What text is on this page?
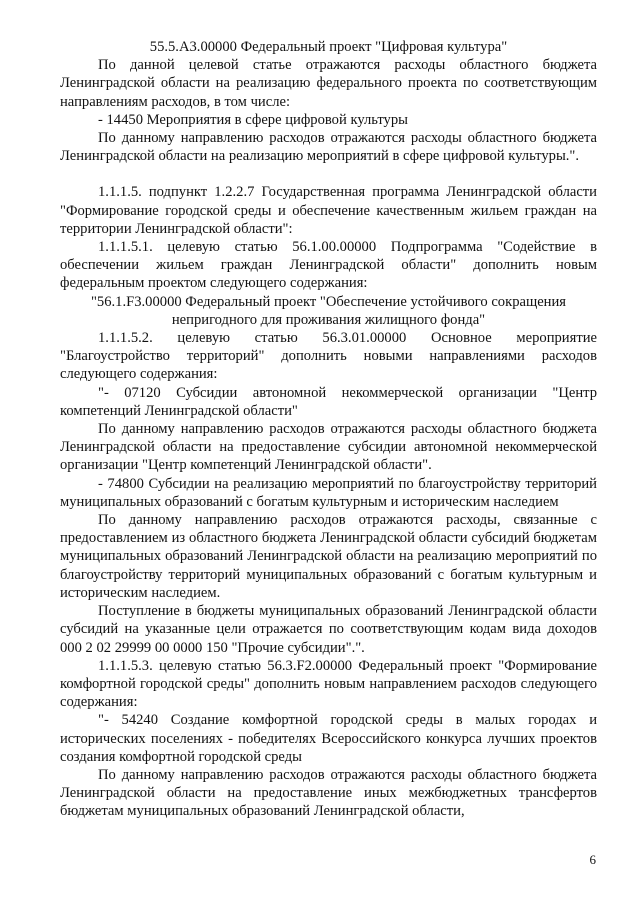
55.5.А3.00000 Федеральный проект "Цифровая культура"

По данной целевой статье отражаются расходы областного бюджета Ленинградской области на реализацию федерального проекта по соответствующим направлениям расходов, в том числе:

- 14450 Мероприятия в сфере цифровой культуры

По данному направлению расходов отражаются расходы областного бюджета Ленинградской области на реализацию мероприятий в сфере цифровой культуры.".

1.1.1.5. подпункт 1.2.2.7 Государственная программа Ленинградской области "Формирование городской среды и обеспечение качественным жильем граждан на территории Ленинградской области":

1.1.1.5.1. целевую статью 56.1.00.00000 Подпрограмма "Содействие в обеспечении жильем граждан Ленинградской области" дополнить новым федеральным проектом следующего содержания:

"56.1.F3.00000 Федеральный проект "Обеспечение устойчивого сокращения непригодного для проживания жилищного фонда"

1.1.1.5.2. целевую статью 56.3.01.00000 Основное мероприятие "Благоустройство территорий" дополнить новыми направлениями расходов следующего содержания:

"- 07120 Субсидии автономной некоммерческой организации "Центр компетенций Ленинградской области"

По данному направлению расходов отражаются расходы областного бюджета Ленинградской области на предоставление субсидии автономной некоммерческой организации "Центр компетенций Ленинградской области".

- 74800 Субсидии на реализацию мероприятий по благоустройству территорий муниципальных образований с богатым культурным и историческим наследием

По данному направлению расходов отражаются расходы, связанные с предоставлением из областного бюджета Ленинградской области субсидий бюджетам муниципальных образований Ленинградской области на реализацию мероприятий по благоустройству территорий муниципальных образований с богатым культурным и историческим наследием.

Поступление в бюджеты муниципальных образований Ленинградской области субсидий на указанные цели отражается по соответствующим кодам вида доходов 000 2 02 29999 00 0000 150 "Прочие субсидии".".

1.1.1.5.3. целевую статью 56.3.F2.00000 Федеральный проект "Формирование комфортной городской среды" дополнить новым направлением расходов следующего содержания:

"- 54240 Создание комфортной городской среды в малых городах и исторических поселениях - победителях Всероссийского конкурса лучших проектов создания комфортной городской среды

По данному направлению расходов отражаются расходы областного бюджета Ленинградской области на предоставление иных межбюджетных трансфертов бюджетам муниципальных образований Ленинградской области,

6
